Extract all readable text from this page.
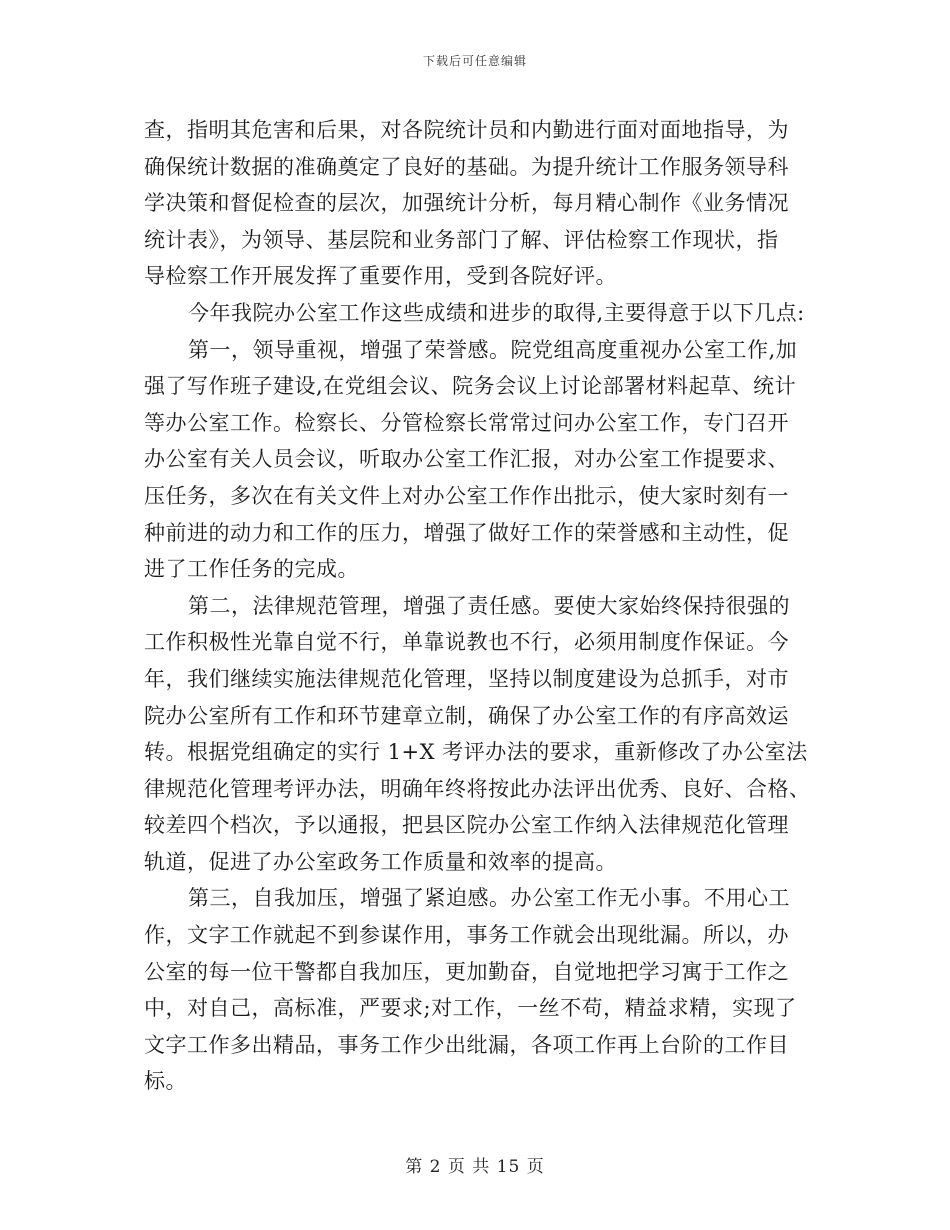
下载后可任意编辑
查，指明其危害和后果，对各院统计员和内勤进行面对面地指导，为
确保统计数据的准确奠定了良好的基础。为提升统计工作服务领导科
学决策和督促检查的层次，加强统计分析，每月精心制作《业务情况
统计表》，为领导、基层院和业务部门了解、评估检察工作现状，指
导检察工作开展发挥了重要作用，受到各院好评。
今年我院办公室工作这些成绩和进步的取得,主要得意于以下几点:
第一，领导重视，增强了荣誉感。院党组高度重视办公室工作,加
强了写作班子建设,在党组会议、院务会议上讨论部署材料起草、统计
等办公室工作。检察长、分管检察长常常过问办公室工作，专门召开
办公室有关人员会议，听取办公室工作汇报，对办公室工作提要求、
压任务，多次在有关文件上对办公室工作作出批示，使大家时刻有一
种前进的动力和工作的压力，增强了做好工作的荣誉感和主动性，促
进了工作任务的完成。
第二，法律规范管理，增强了责任感。要使大家始终保持很强的
工作积极性光靠自觉不行，单靠说教也不行，必须用制度作保证。今
年，我们继续实施法律规范化管理，坚持以制度建设为总抓手，对市
院办公室所有工作和环节建章立制，确保了办公室工作的有序高效运
转。根据党组确定的实行 1+X 考评办法的要求，重新修改了办公室法
律规范化管理考评办法，明确年终将按此办法评出优秀、良好、合格、
较差四个档次，予以通报，把县区院办公室工作纳入法律规范化管理
轨道，促进了办公室政务工作质量和效率的提高。
第三，自我加压，增强了紧迫感。办公室工作无小事。不用心工
作，文字工作就起不到参谋作用，事务工作就会出现纰漏。所以，办
公室的每一位干警都自我加压，更加勤奋，自觉地把学习寓于工作之
中，对自己，高标准，严要求;对工作，一丝不苟，精益求精，实现了
文字工作多出精品，事务工作少出纰漏，各项工作再上台阶的工作目
标。
第 2 页 共 15 页
